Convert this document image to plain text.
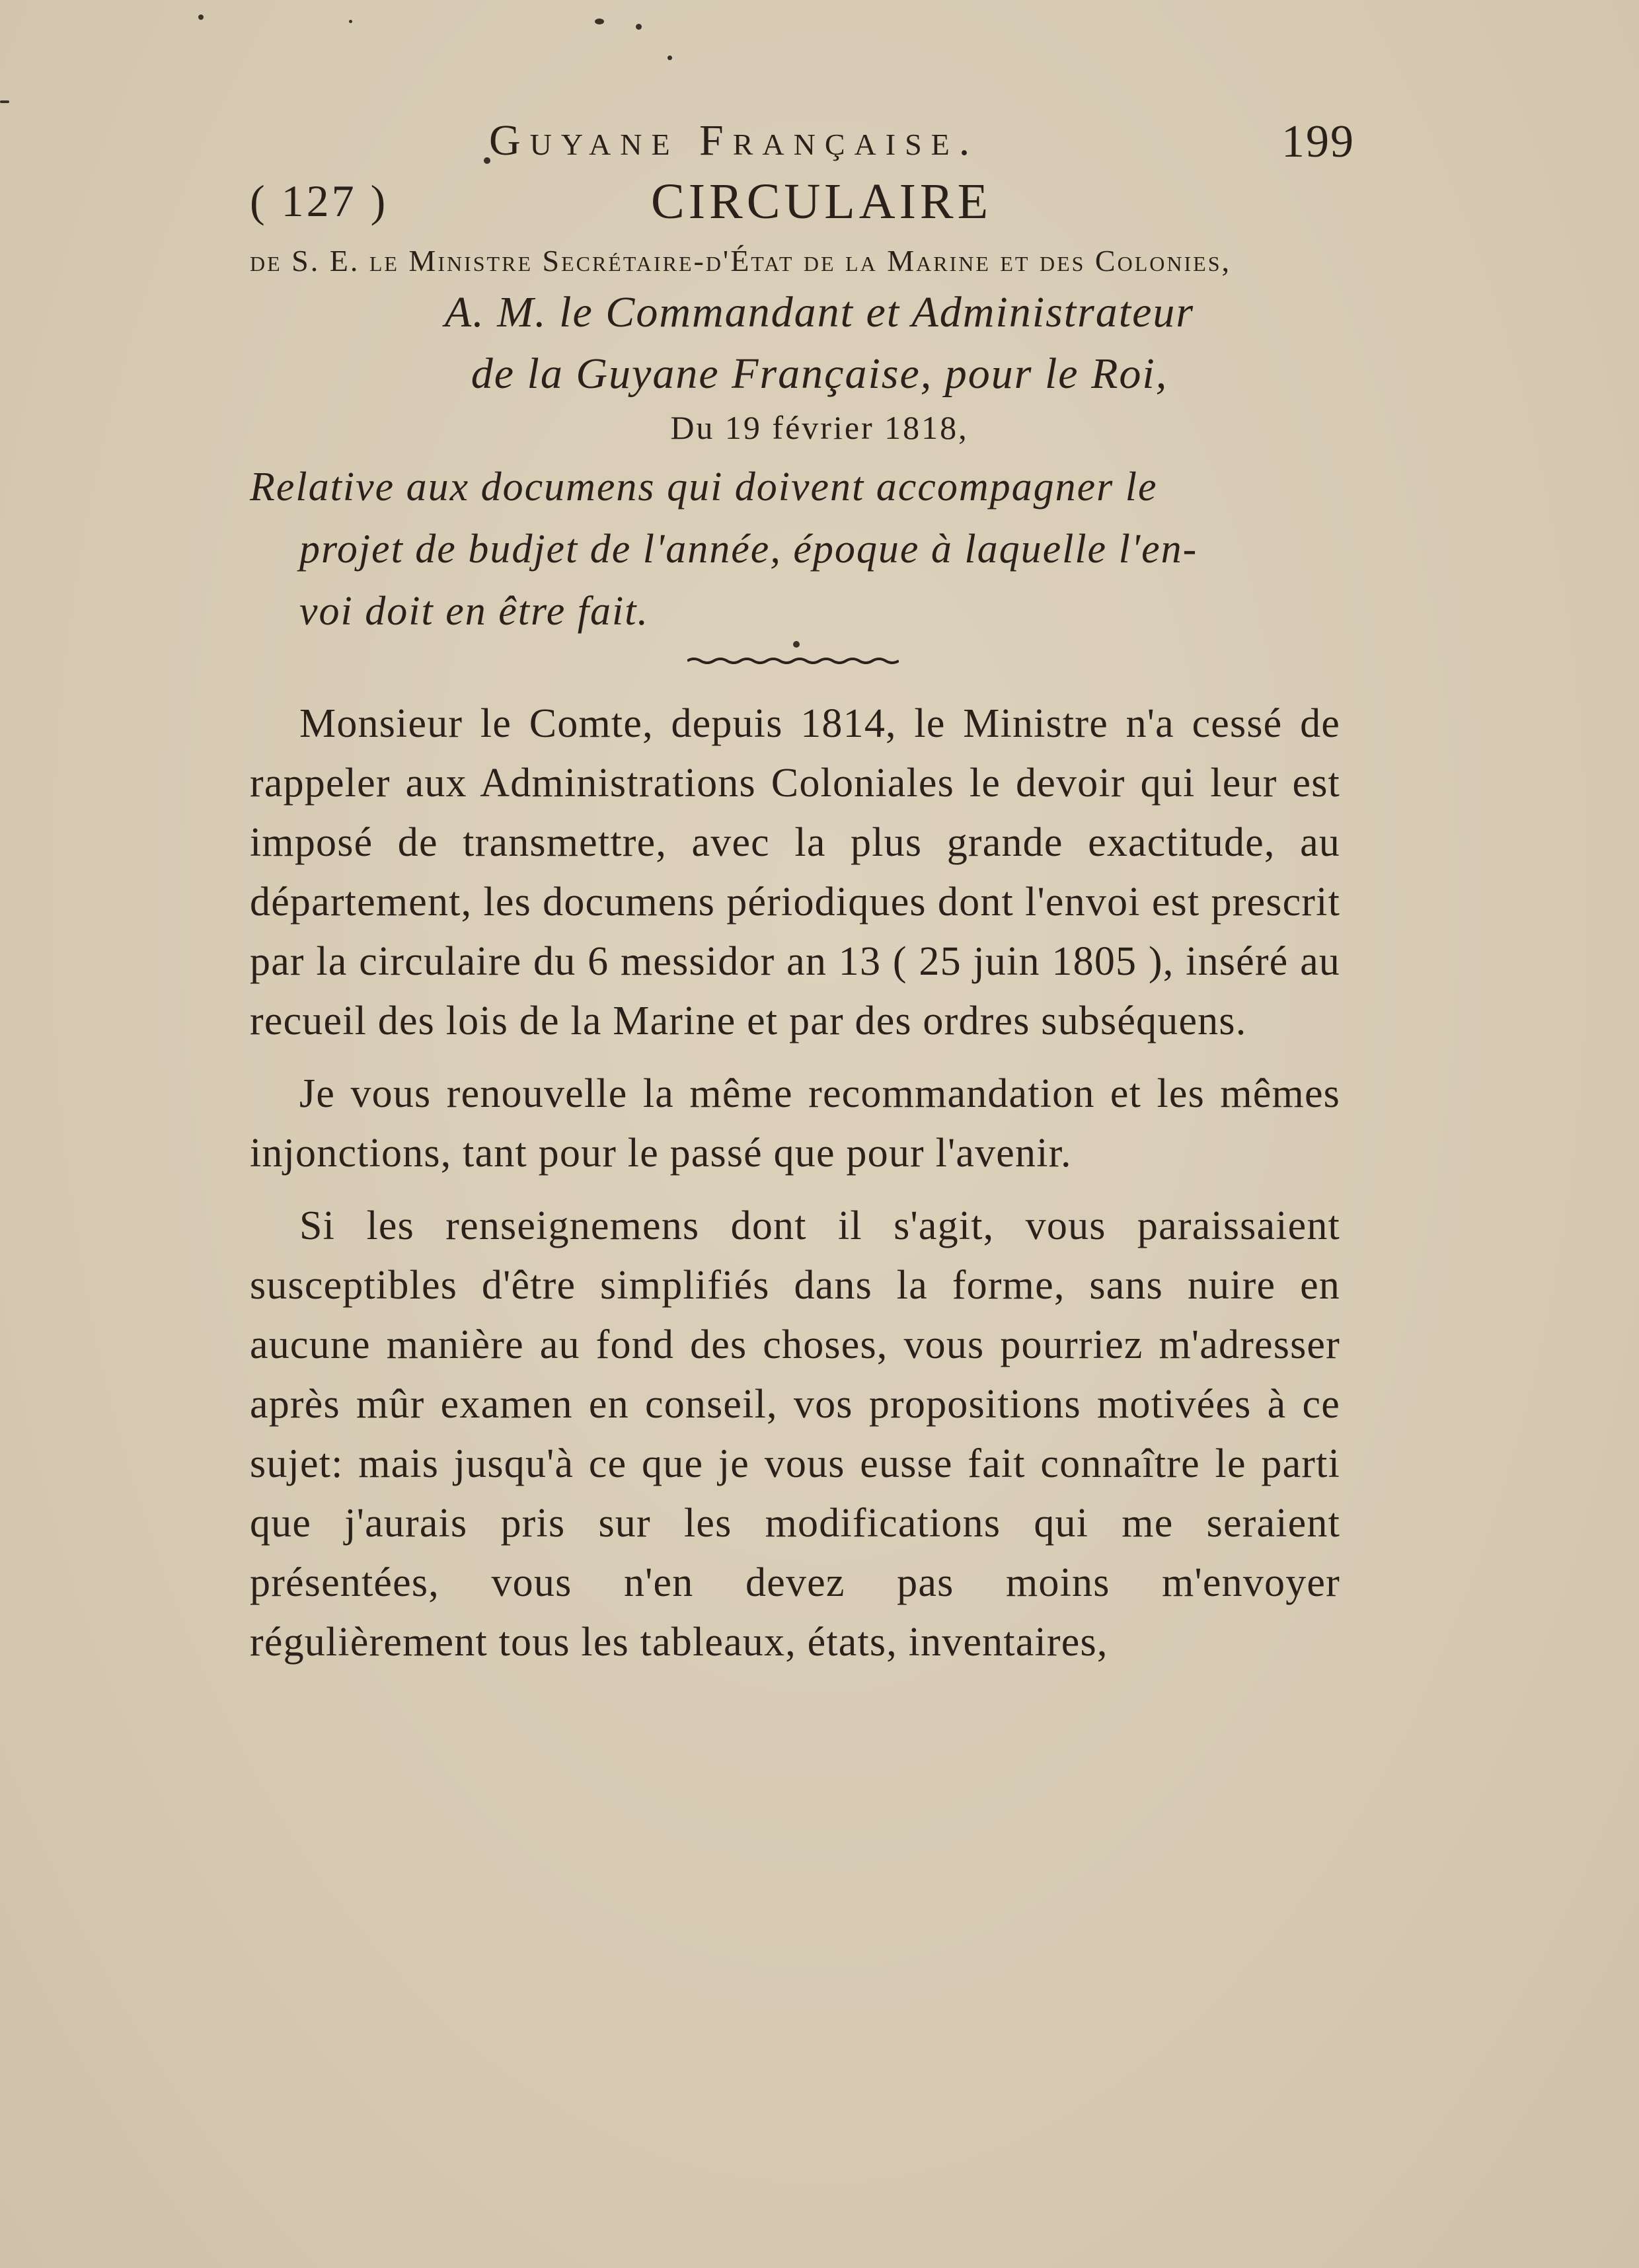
Guyane Française.	199
( 127 )	CIRCULAIRE
de S. E. le Ministre Secrétaire-d'État de la Marine et des Colonies,
A. M. le Commandant et Administrateur
de la Guyane Française, pour le Roi,
Du 19 février 1818,
Relative aux documens qui doivent accompagner le
projet de budjet de l'année, époque à laquelle l'en-
voi doit en être fait.

Monsieur le Comte, depuis 1814, le Ministre n'a cessé de rappeler aux Administrations Coloniales le devoir qui leur est imposé de transmettre, avec la plus grande exactitude, au département, les documens périodiques dont l'envoi est prescrit par la circulaire du 6 messidor an 13 ( 25 juin 1805 ), inséré au recueil des lois de la Marine et par des ordres subséquens.

Je vous renouvelle la même recommandation et les mêmes injonctions, tant pour le passé que pour l'avenir.

Si les renseignemens dont il s'agit, vous paraissaient susceptibles d'être simplifiés dans la forme, sans nuire en aucune manière au fond des choses, vous pourriez m'adresser après mûr examen en conseil, vos propositions motivées à ce sujet: mais jusqu'à ce que je vous eusse fait connaître le parti que j'aurais pris sur les modifications qui me seraient présentées, vous n'en devez pas moins m'envoyer régulièrement tous les tableaux, états, inventaires,
